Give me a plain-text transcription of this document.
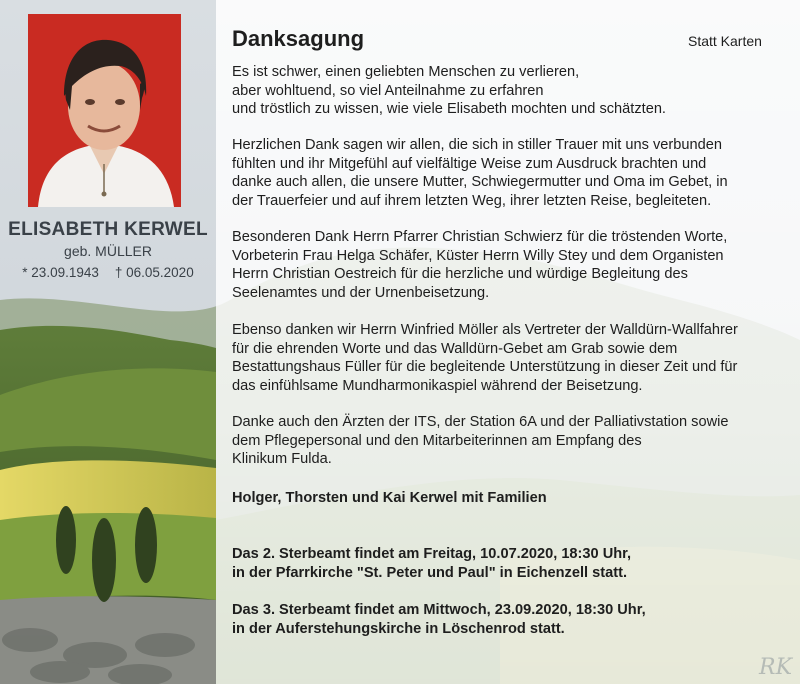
ELISABETH KERWEL
geb. MÜLLER
* 23.09.1943 † 06.05.2020
Danksagung	Statt Karten
Es ist schwer, einen geliebten Menschen zu verlieren,
aber wohltuend, so viel Anteilnahme zu erfahren
und tröstlich zu wissen, wie viele Elisabeth mochten und schätzten.
Herzlichen Dank sagen wir allen, die sich in stiller Trauer mit uns verbunden
fühlten und ihr Mitgefühl auf vielfältige Weise zum Ausdruck brachten und
danke auch allen, die unsere Mutter, Schwiegermutter und Oma im Gebet, in
der Trauerfeier und auf ihrem letzten Weg, ihrer letzten Reise, begleiteten.
Besonderen Dank Herrn Pfarrer Christian Schwierz für die tröstenden Worte,
Vorbeterin Frau Helga Schäfer, Küster Herrn Willy Stey und dem Organisten
Herrn Christian Oestreich für die herzliche und würdige Begleitung des
Seelenamtes und der Urnenbeisetzung.
Ebenso danken wir Herrn Winfried Möller als Vertreter der Walldürn-Wallfahrer
für die ehrenden Worte und das Walldürn-Gebet am Grab sowie dem
Bestattungshaus Füller für die begleitende Unterstützung in dieser Zeit und für
das einfühlsame Mundharmonikaspiel während der Beisetzung.
Danke auch den Ärzten der ITS, der Station 6A und der Palliativstation sowie
dem Pflegepersonal und den Mitarbeiterinnen am Empfang des
Klinikum Fulda.
Holger, Thorsten und Kai Kerwel mit Familien
Das 2. Sterbeamt findet am Freitag, 10.07.2020, 18:30 Uhr,
in der Pfarrkirche "St. Peter und Paul" in Eichenzell statt.
Das 3. Sterbeamt findet am Mittwoch, 23.09.2020, 18:30 Uhr,
in der Auferstehungskirche in Löschenrod statt.
RK
